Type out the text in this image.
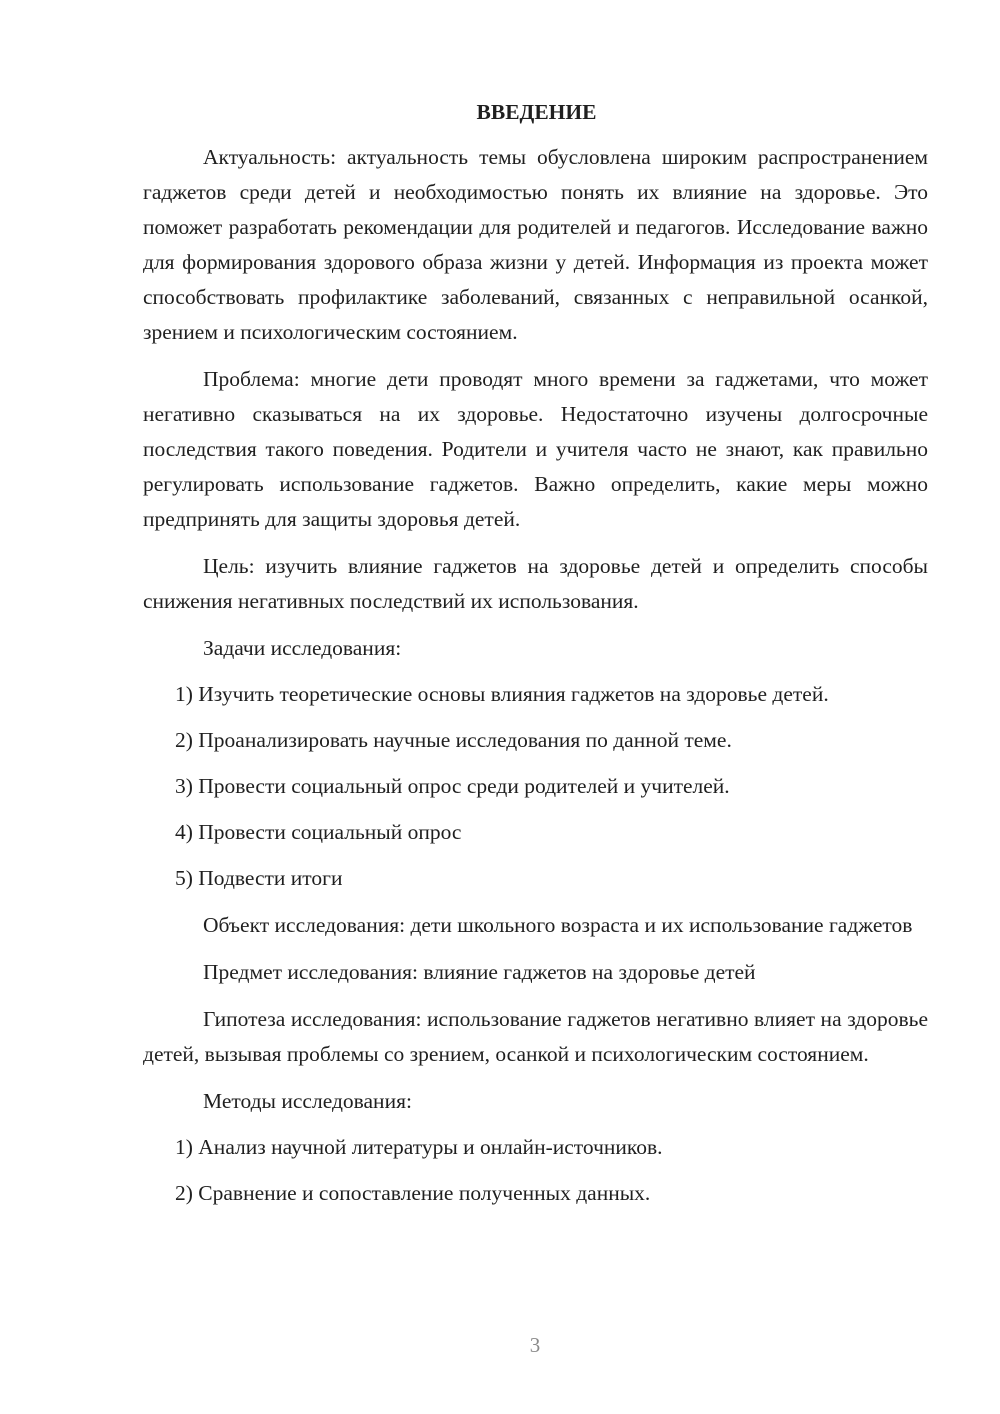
ВВЕДЕНИЕ

Актуальность: актуальность темы обусловлена широким распространением гаджетов среди детей и необходимостью понять их влияние на здоровье. Это поможет разработать рекомендации для родителей и педагогов. Исследование важно для формирования здорового образа жизни у детей. Информация из проекта может способствовать профилактике заболеваний, связанных с неправильной осанкой, зрением и психологическим состоянием.

Проблема: многие дети проводят много времени за гаджетами, что может негативно сказываться на их здоровье. Недостаточно изучены долгосрочные последствия такого поведения. Родители и учителя часто не знают, как правильно регулировать использование гаджетов. Важно определить, какие меры можно предпринять для защиты здоровья детей.

Цель: изучить влияние гаджетов на здоровье детей и определить способы снижения негативных последствий их использования.

Задачи исследования:

1) Изучить теоретические основы влияния гаджетов на здоровье детей.

2) Проанализировать научные исследования по данной теме.

3) Провести социальный опрос среди родителей и учителей.

4) Провести социальный опрос

5) Подвести итоги

Объект исследования: дети школьного возраста и их использование гаджетов

Предмет исследования: влияние гаджетов на здоровье детей

Гипотеза исследования: использование гаджетов негативно влияет на здоровье детей, вызывая проблемы со зрением, осанкой и психологическим состоянием.

Методы исследования:

1) Анализ научной литературы и онлайн-источников.

2) Сравнение и сопоставление полученных данных.

3
